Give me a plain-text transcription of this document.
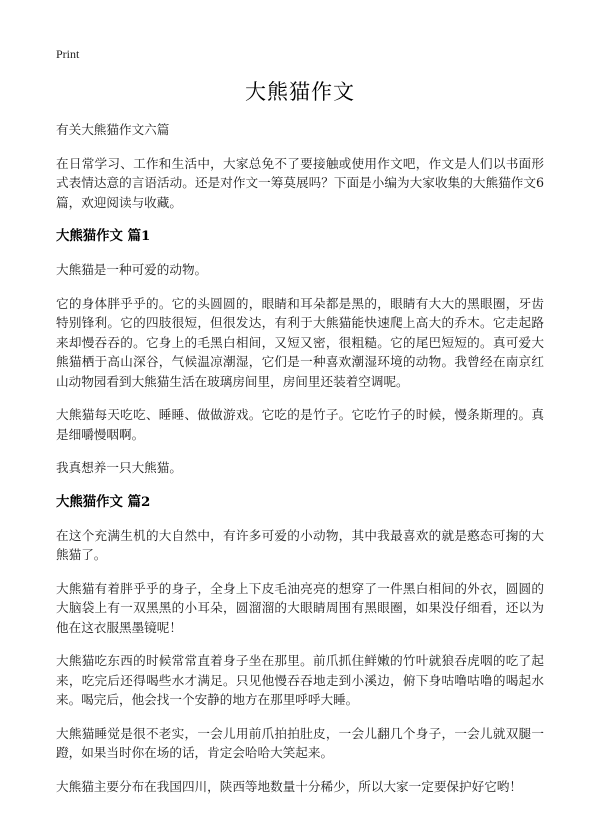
Print
大熊猫作文

有关大熊猫作文六篇

在日常学习、工作和生活中，大家总免不了要接触或使用作文吧，作文是人们以书面形式表情达意的言语活动。还是对作文一筹莫展吗？下面是小编为大家收集的大熊猫作文6篇，欢迎阅读与收藏。

大熊猫作文 篇1

大熊猫是一种可爱的动物。

它的身体胖乎乎的。它的头圆圆的，眼睛和耳朵都是黑的，眼睛有大大的黑眼圈，牙齿特别锋利。它的四肢很短，但很发达，有利于大熊猫能快速爬上高大的乔木。它走起路来却慢吞吞的。它身上的毛黑白相间，又短又密，很粗糙。它的尾巴短短的。真可爱大熊猫栖于高山深谷，气候温凉潮湿，它们是一种喜欢潮湿环境的动物。我曾经在南京红山动物园看到大熊猫生活在玻璃房间里，房间里还装着空调呢。

大熊猫每天吃吃、睡睡、做做游戏。它吃的是竹子。它吃竹子的时候，慢条斯理的。真是细嚼慢咽啊。

我真想养一只大熊猫。

大熊猫作文 篇2

在这个充满生机的大自然中，有许多可爱的小动物，其中我最喜欢的就是憨态可掬的大熊猫了。

大熊猫有着胖乎乎的身子，全身上下皮毛油亮亮的想穿了一件黑白相间的外衣，圆圆的大脑袋上有一双黑黑的小耳朵，圆溜溜的大眼睛周围有黑眼圈，如果没仔细看，还以为他在这衣服黑墨镜呢！

大熊猫吃东西的时候常常直着身子坐在那里。前爪抓住鲜嫩的竹叶就狼吞虎咽的吃了起来，吃完后还得喝些水才满足。只见他慢吞吞地走到小溪边，俯下身咕噜咕噜的喝起水来。喝完后，他会找一个安静的地方在那里呼呼大睡。

大熊猫睡觉是很不老实，一会儿用前爪拍拍肚皮，一会儿翻几个身子，一会儿就双腿一蹬，如果当时你在场的话，肯定会哈哈大笑起来。

大熊猫主要分布在我国四川，陕西等地数量十分稀少，所以大家一定要保护好它哟！
